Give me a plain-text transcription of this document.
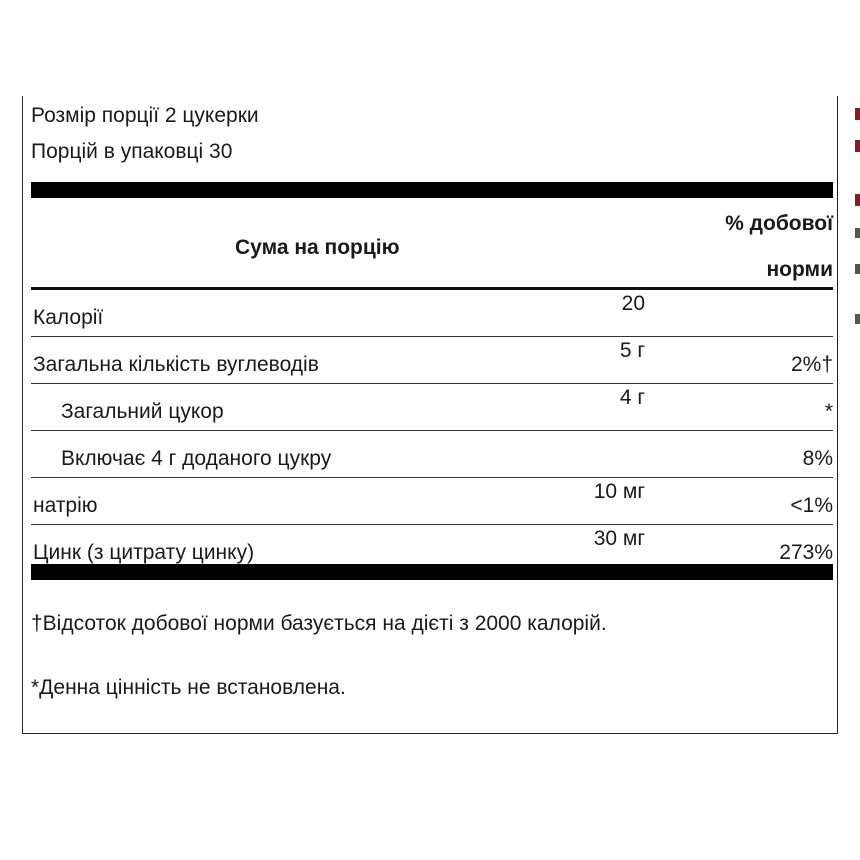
Розмір порції 2 цукерки
Порцій в упаковці 30
Сума на порцію
% добової
норми
Калорії
20
Загальна кількість вуглеводів
5 г
2%†
Загальний цукор
4 г
*
Включає 4 г доданого цукру	8%
натрію
10 мг
<1%
Цинк (з цитрату цинку)
30 мг
273%
†Відсоток добової норми базується на дієті з 2000 калорій.
*Денна цінність не встановлена.
